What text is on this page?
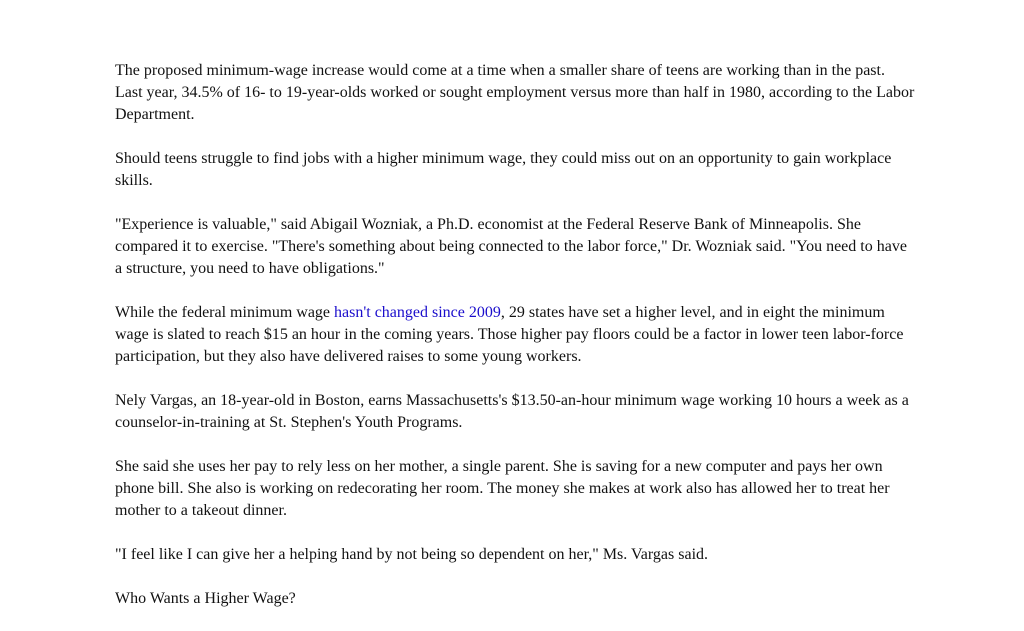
The proposed minimum-wage increase would come at a time when a smaller share of teens are working than in the past. Last year, 34.5% of 16- to 19-year-olds worked or sought employment versus more than half in 1980, according to the Labor Department.

Should teens struggle to find jobs with a higher minimum wage, they could miss out on an opportunity to gain workplace skills.

"Experience is valuable," said Abigail Wozniak, a Ph.D. economist at the Federal Reserve Bank of Minneapolis. She compared it to exercise. "There's something about being connected to the labor force," Dr. Wozniak said. "You need to have a structure, you need to have obligations."

While the federal minimum wage hasn't changed since 2009, 29 states have set a higher level, and in eight the minimum wage is slated to reach $15 an hour in the coming years. Those higher pay floors could be a factor in lower teen labor-force participation, but they also have delivered raises to some young workers.

Nely Vargas, an 18-year-old in Boston, earns Massachusetts's $13.50-an-hour minimum wage working 10 hours a week as a counselor-in-training at St. Stephen's Youth Programs.

She said she uses her pay to rely less on her mother, a single parent. She is saving for a new computer and pays her own phone bill. She also is working on redecorating her room. The money she makes at work also has allowed her to treat her mother to a takeout dinner.

"I feel like I can give her a helping hand by not being so dependent on her," Ms. Vargas said.

Who Wants a Higher Wage?
